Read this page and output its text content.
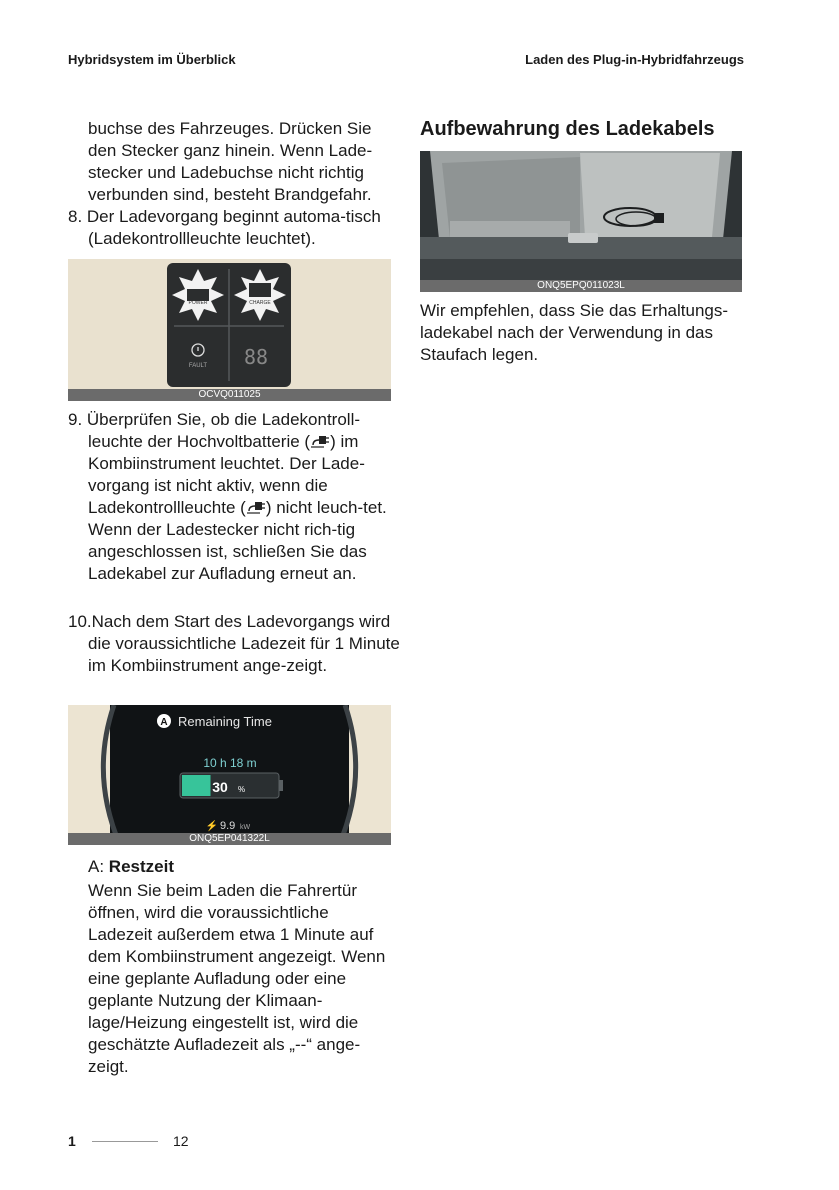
Hybridsystem im Überblick	Laden des Plug-in-Hybridfahrzeugs

buchse des Fahrzeuges. Drücken Sie den Stecker ganz hinein. Wenn Lade-stecker und Ladebuchse nicht richtig verbunden sind, besteht Brandgefahr.

8. Der Ladevorgang beginnt automa-tisch (Ladekontrollleuchte leuchtet).

POWER	CHARGE
FAULT 88
OCVQ011025

9. Überprüfen Sie, ob die Ladekontroll-leuchte der Hochvoltbatterie ( ) im Kombiinstrument leuchtet. Der Lade-vorgang ist nicht aktiv, wenn die Ladekontrollleuchte ( ) nicht leuch-tet. Wenn der Ladestecker nicht rich-tig angeschlossen ist, schließen Sie das Ladekabel zur Aufladung erneut an.

10.Nach dem Start des Ladevorgangs wird die voraussichtliche Ladezeit für 1 Minute im Kombiinstrument ange-zeigt.

A Remaining Time
10 h 18 m
30 %
⚡ 9.9 kW
ONQ5EP041322L

A: Restzeit

Wenn Sie beim Laden die Fahrertür öffnen, wird die voraussichtliche Ladezeit außerdem etwa 1 Minute auf dem Kombiinstrument angezeigt. Wenn eine geplante Aufladung oder eine geplante Nutzung der Klimaan-lage/Heizung eingestellt ist, wird die geschätzte Aufladezeit als „--“ ange-zeigt.

Aufbewahrung des Ladekabels
ONQ5EPQ011023L

Wir empfehlen, dass Sie das Erhaltungs-ladekabel nach der Verwendung in das Staufach legen.

1	12
